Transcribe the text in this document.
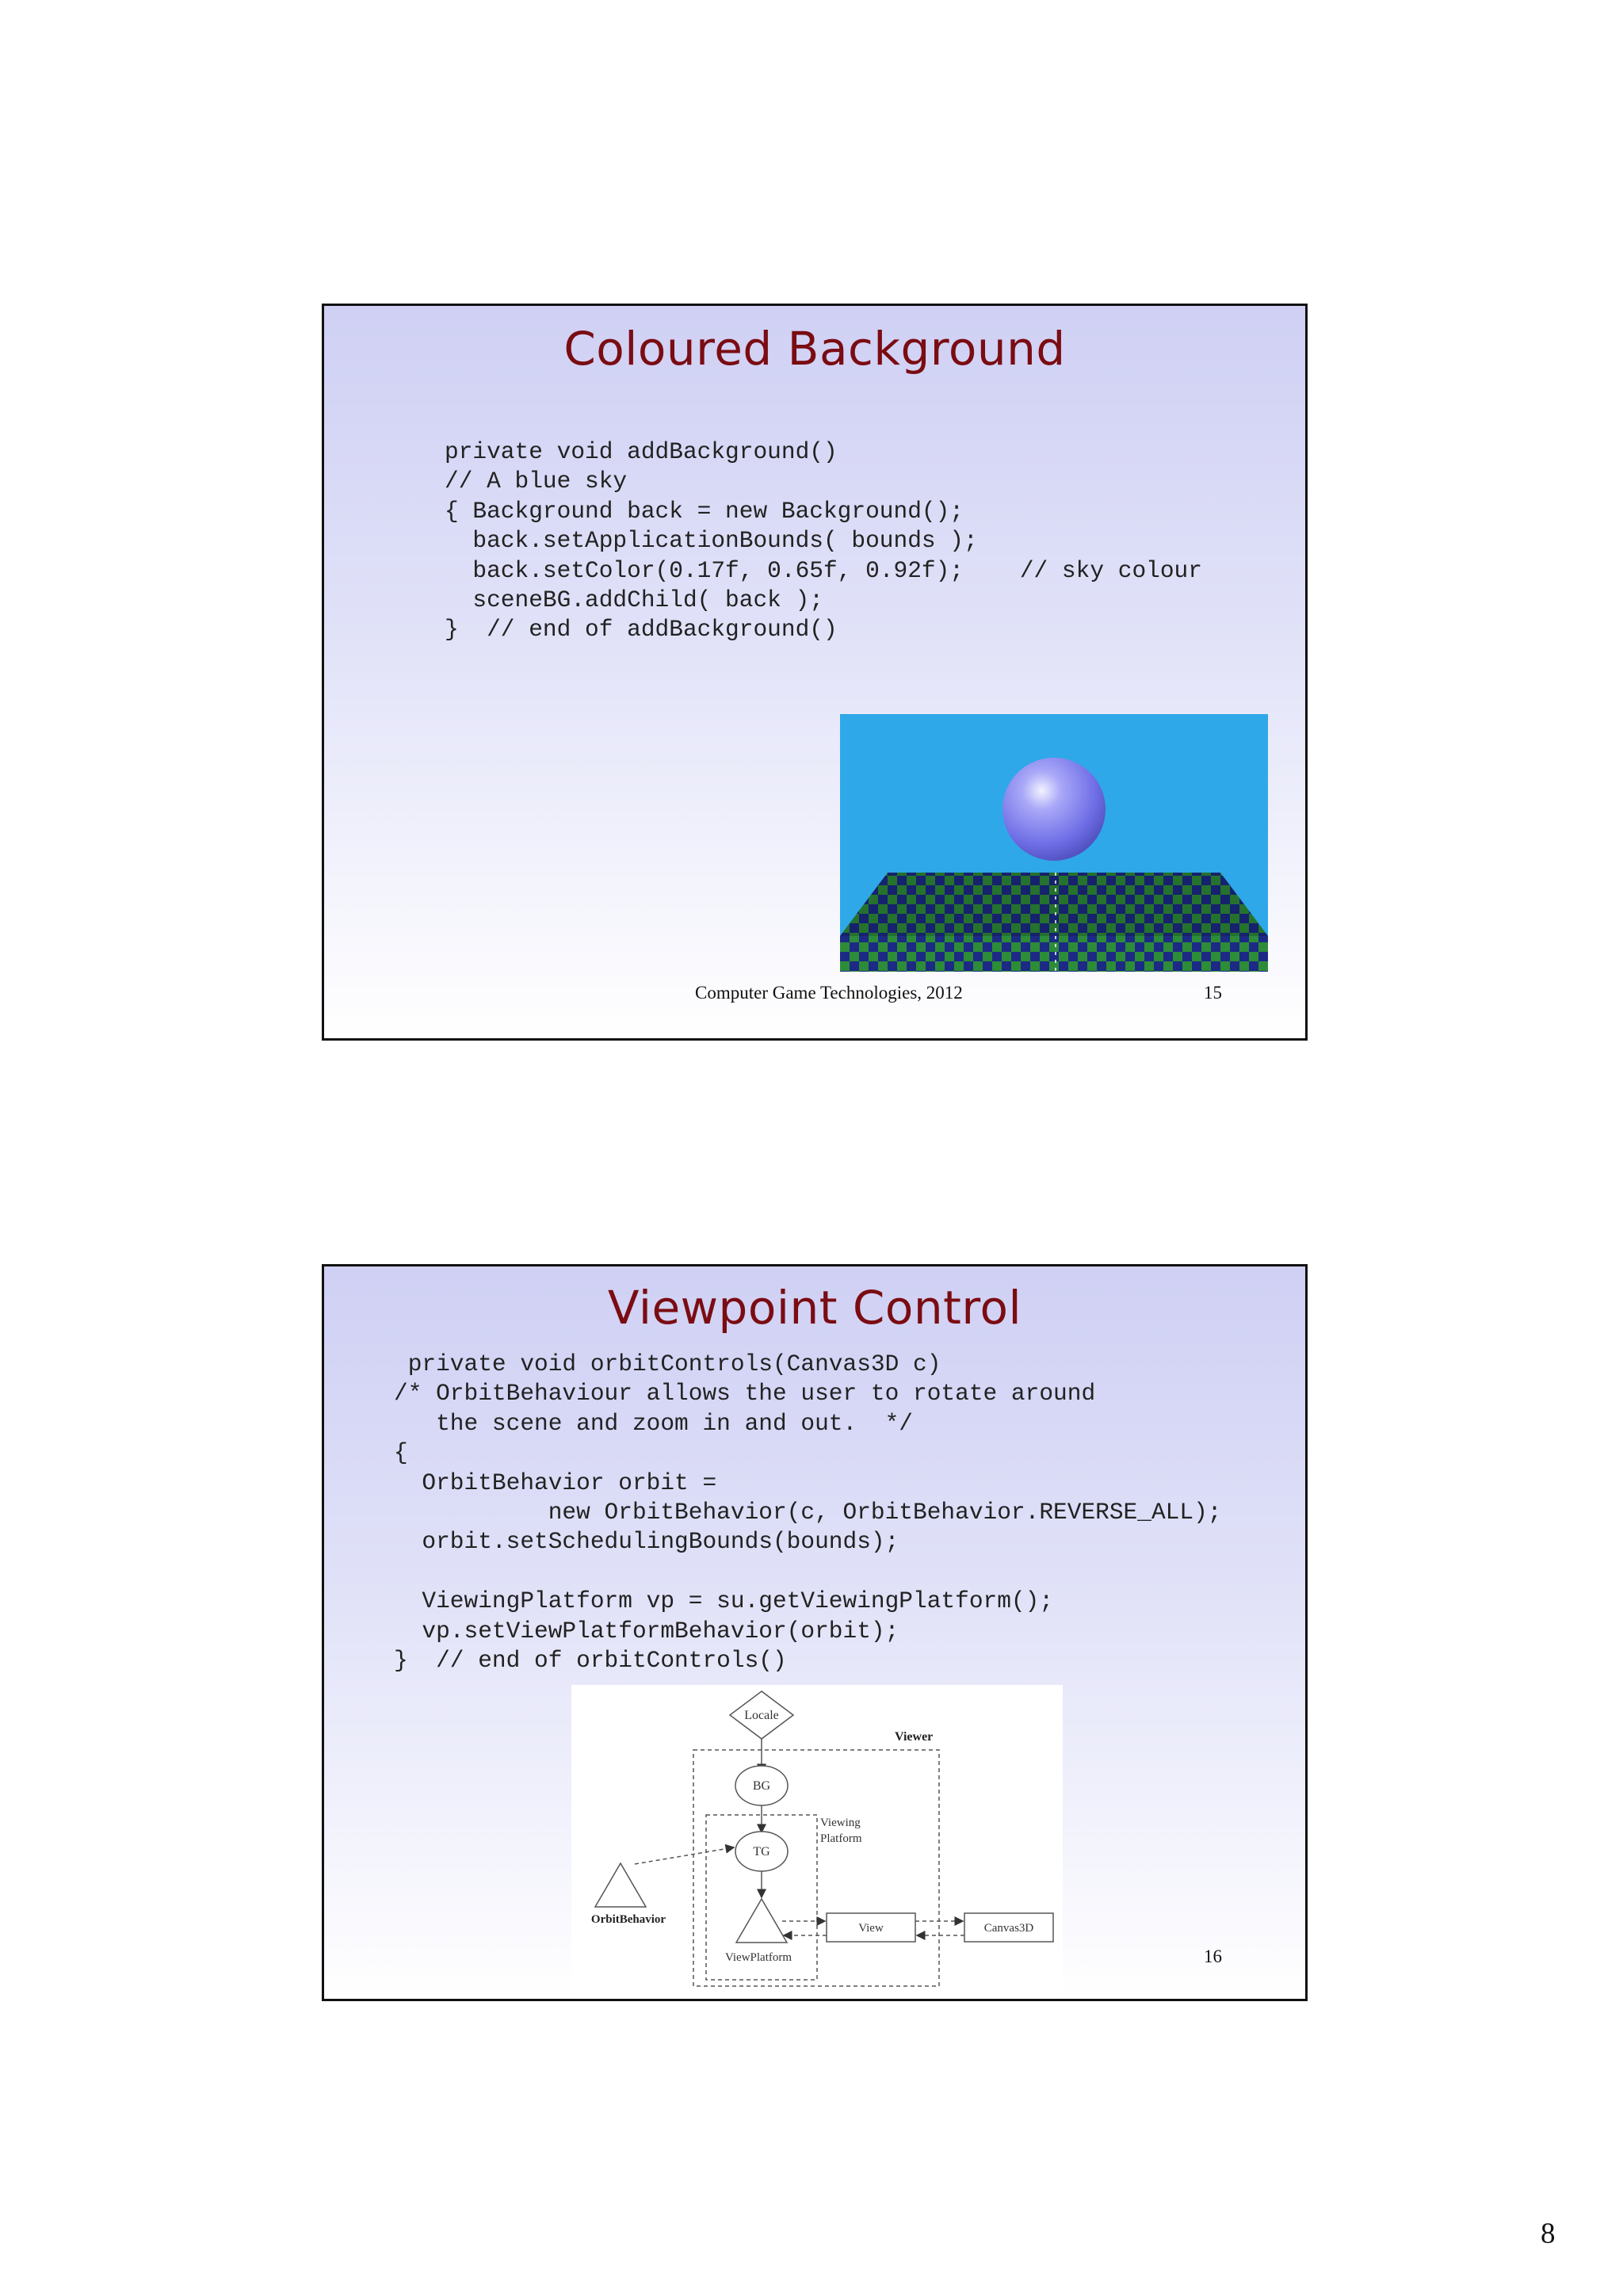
Coloured Background
private void addBackground()
// A blue sky
{ Background back = new Background();
back.setApplicationBounds( bounds );
back.setColor(0.17f, 0.65f, 0.92f);    // sky colour
sceneBG.addChild( back );
}  // end of addBackground()
Computer Game Technologies, 2012	15
Viewpoint Control
private void orbitControls(Canvas3D c)
/* OrbitBehaviour allows the user to rotate around
the scene and zoom in and out.  */
{
OrbitBehavior orbit =
new OrbitBehavior(c, OrbitBehavior.REVERSE_ALL);
orbit.setSchedulingBounds(bounds);
ViewingPlatform vp = su.getViewingPlatform();
vp.setViewPlatformBehavior(orbit);
}  // end of orbitControls()
Locale
Viewer
BG
Viewing
Platform
TG
ViewPlatform
OrbitBehavior
View	Canvas3D
16
8
